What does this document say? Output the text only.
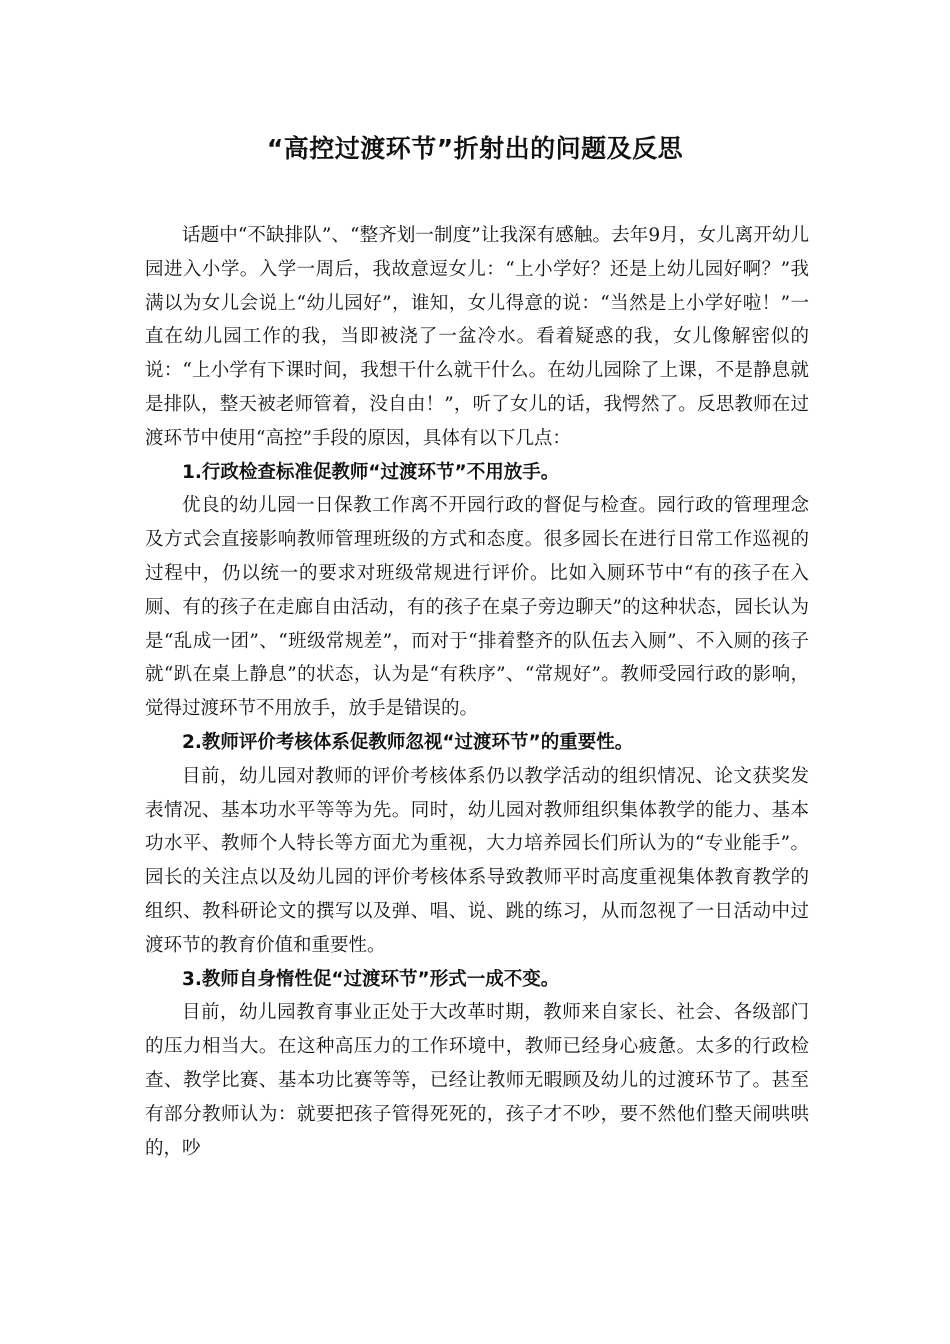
“高控过渡环节”折射出的问题及反思

话题中“不缺排队”、“整齐划一制度”让我深有感触。去年9月，女儿离开幼儿园进入小学。入学一周后，我故意逗女儿：“上小学好？还是上幼儿园好啊？”我满以为女儿会说上“幼儿园好”，谁知，女儿得意的说：“当然是上小学好啦！”一直在幼儿园工作的我，当即被浇了一盆冷水。看着疑惑的我，女儿像解密似的说：“上小学有下课时间，我想干什么就干什么。在幼儿园除了上课，不是静息就是排队，整天被老师管着，没自由！”，听了女儿的话，我愕然了。反思教师在过渡环节中使用“高控”手段的原因，具体有以下几点：

1.行政检查标准促教师“过渡环节”不用放手。

优良的幼儿园一日保教工作离不开园行政的督促与检查。园行政的管理理念及方式会直接影响教师管理班级的方式和态度。很多园长在进行日常工作巡视的过程中，仍以统一的要求对班级常规进行评价。比如入厕环节中“有的孩子在入厕、有的孩子在走廊自由活动，有的孩子在桌子旁边聊天”的这种状态，园长认为是“乱成一团”、“班级常规差”，而对于“排着整齐的队伍去入厕”、不入厕的孩子就“趴在桌上静息”的状态，认为是“有秩序”、“常规好”。教师受园行政的影响，觉得过渡环节不用放手，放手是错误的。

2.教师评价考核体系促教师忽视“过渡环节”的重要性。

目前，幼儿园对教师的评价考核体系仍以教学活动的组织情况、论文获奖发表情况、基本功水平等等为先。同时，幼儿园对教师组织集体教学的能力、基本功水平、教师个人特长等方面尤为重视，大力培养园长们所认为的“专业能手”。园长的关注点以及幼儿园的评价考核体系导致教师平时高度重视集体教育教学的组织、教科研论文的撰写以及弹、唱、说、跳的练习，从而忽视了一日活动中过渡环节的教育价值和重要性。

3.教师自身惰性促“过渡环节”形式一成不变。

目前，幼儿园教育事业正处于大改革时期，教师来自家长、社会、各级部门的压力相当大。在这种高压力的工作环境中，教师已经身心疲惫。太多的行政检查、教学比赛、基本功比赛等等，已经让教师无暇顾及幼儿的过渡环节了。甚至有部分教师认为：就要把孩子管得死死的，孩子才不吵，要不然他们整天闹哄哄的，吵
